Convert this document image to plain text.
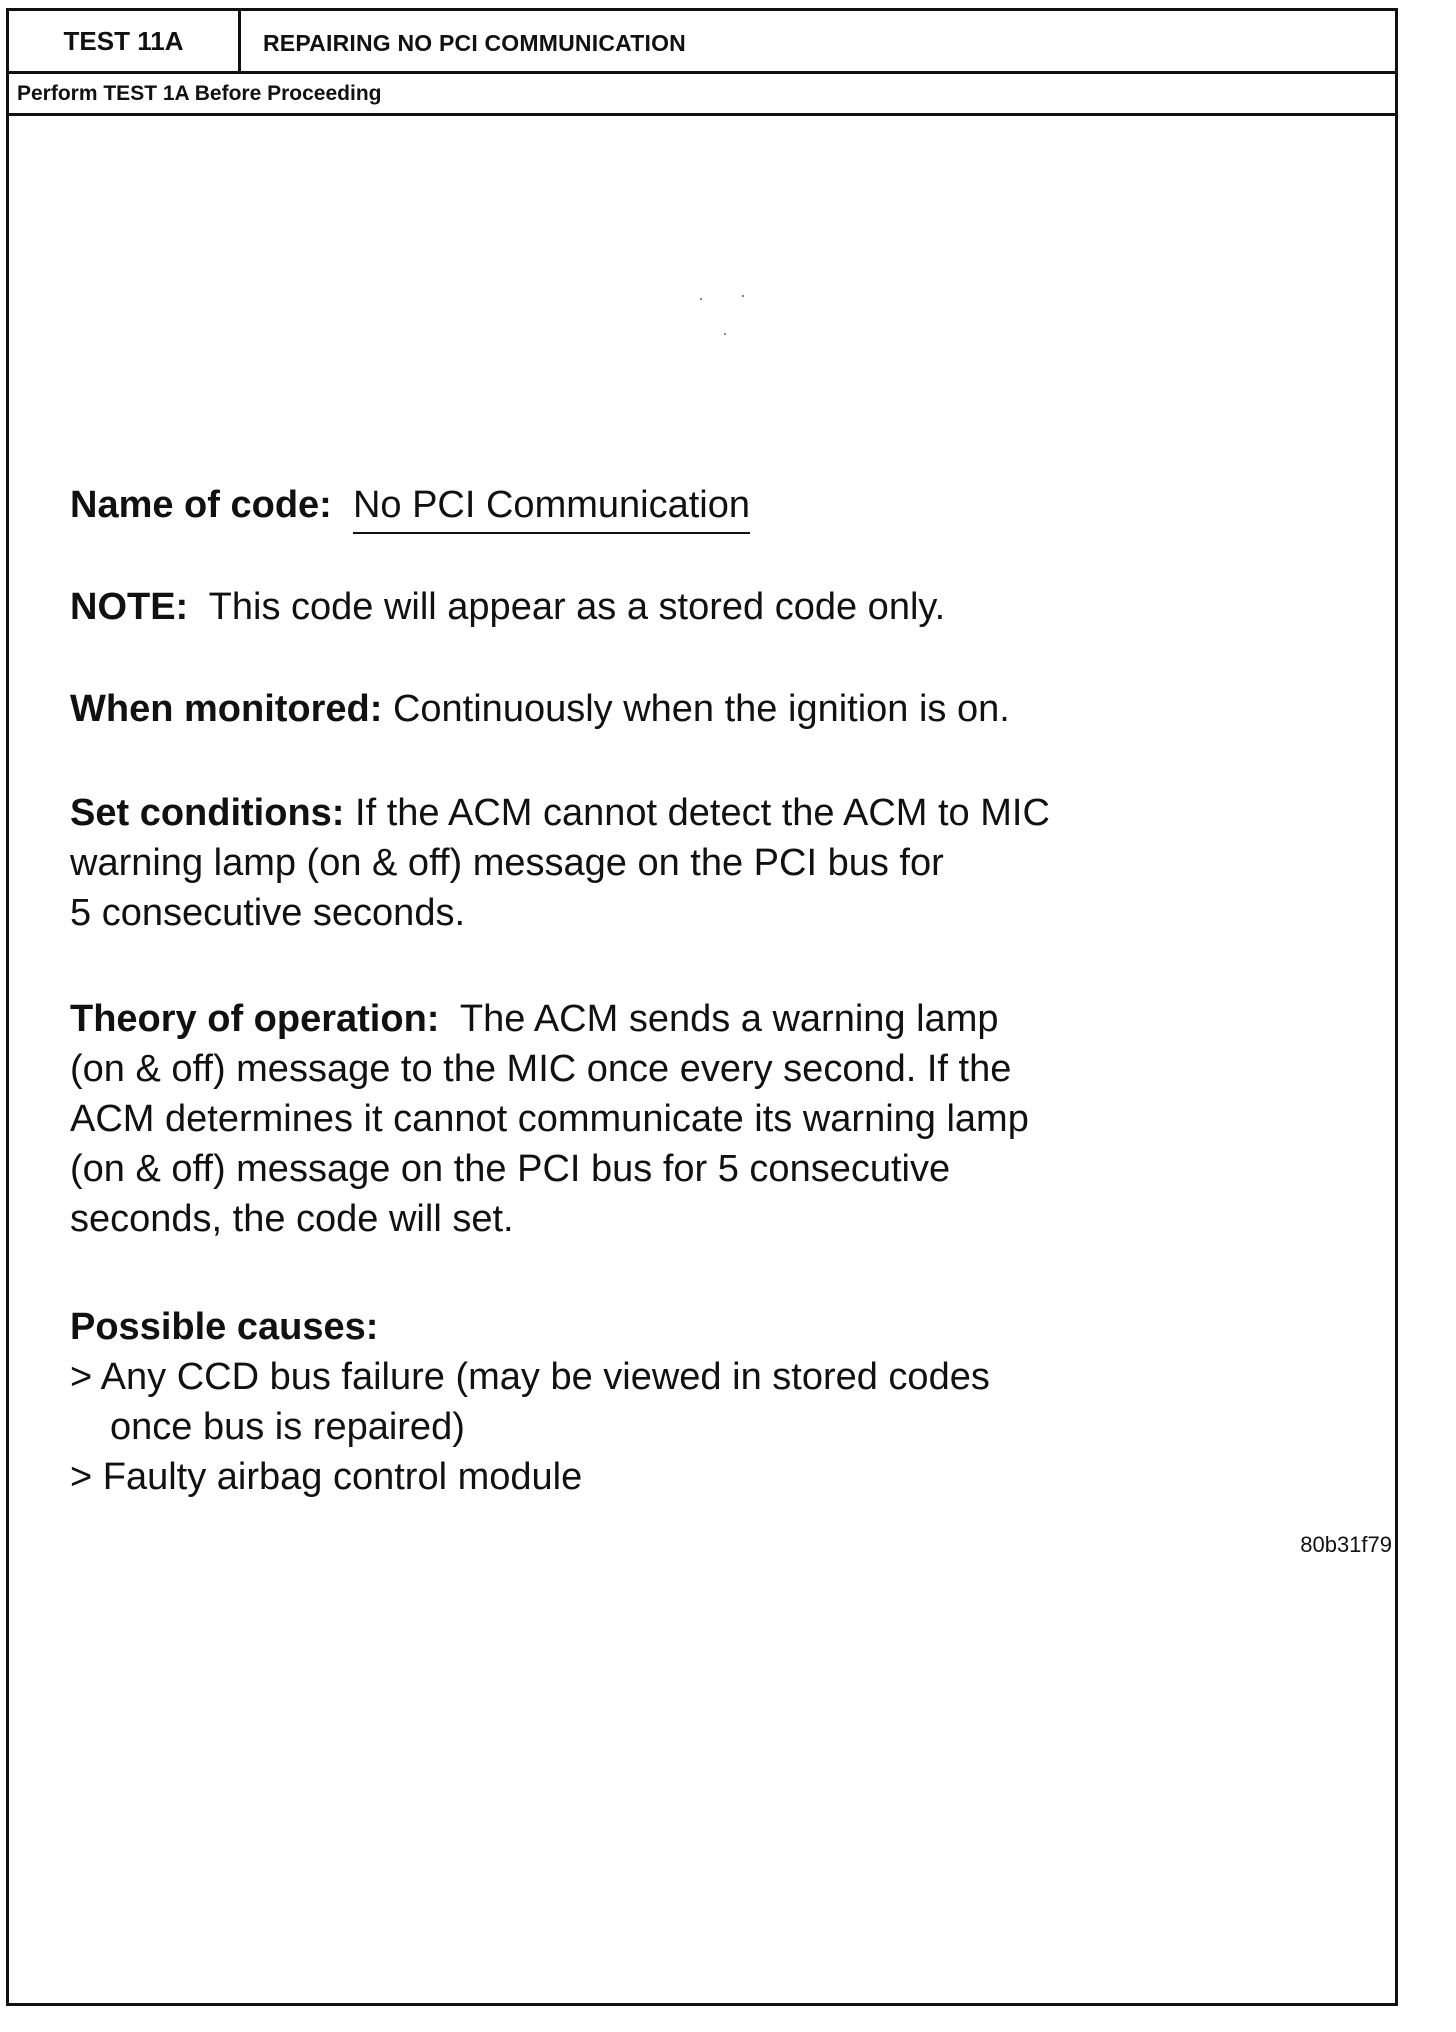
TEST 11A	REPAIRING NO PCI COMMUNICATION
Perform TEST 1A Before Proceeding
Name of code: No PCI Communication
NOTE: This code will appear as a stored code only.
When monitored: Continuously when the ignition is on.
Set conditions: If the ACM cannot detect the ACM to MIC
warning lamp (on & off) message on the PCI bus for
5 consecutive seconds.
Theory of operation: The ACM sends a warning lamp
(on & off) message to the MIC once every second. If the
ACM determines it cannot communicate its warning lamp
(on & off) message on the PCI bus for 5 consecutive
seconds, the code will set.
Possible causes:
> Any CCD bus failure (may be viewed in stored codes
once bus is repaired)
> Faulty airbag control module
80b31f79
